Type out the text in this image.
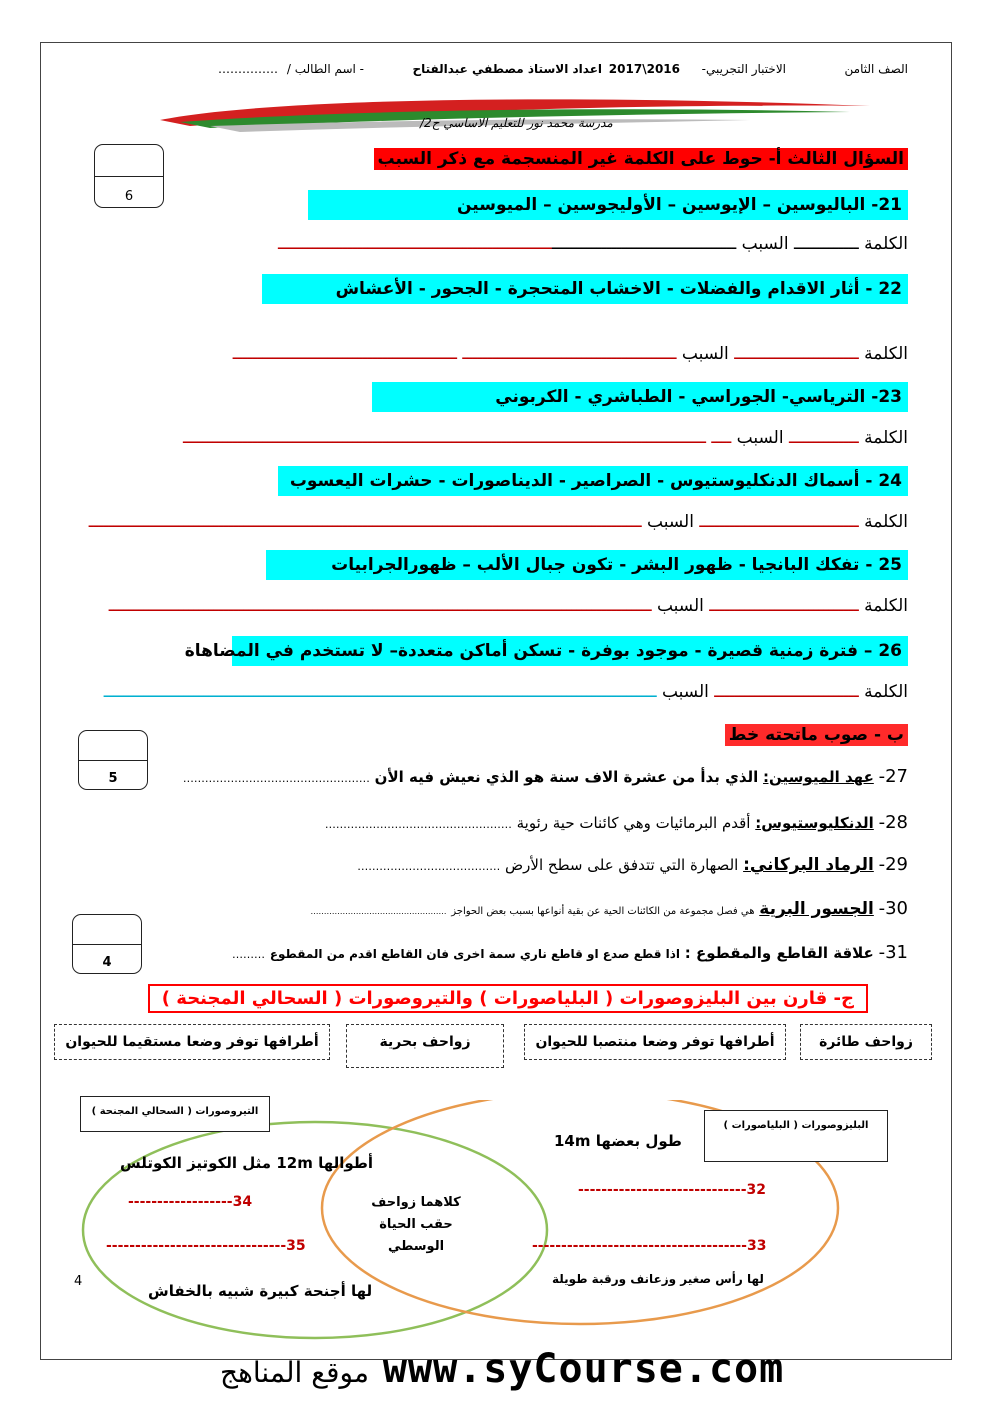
الصف الثامن
الاختبار التجريبي-
2016\2017
اعداد الاستاذ مصطفي عبدالفتاح
- اسم الطالب /
……………
مدرسة محمد نور للتعليم الاساسي ح2/
6
السؤال الثالث أ- حوط على الكلمة غير المنسجمة مع ذكر السبب
21- الباليوسين – الإيوسين – الأوليجوسين – الميوسين
الكلمة ـــــــــــــ السبب ــــــــــــــــــــــــــــــــــــــــــــــــــــــــــــــــــــــــــــــــــــــــــــ
22 - أثار الاقدام والفضلات - الاخشاب المتحجرة - الجحور - الأعشاش
الكلمة ـــــــــــــــــــــــــ السبب ـــــــــــــــــــــــــــــــــــــــــــ ـــــــــــــــــــــــــــــــــــــــــــــ
23- الترياسي- الجوراسي - الطباشري - الكربوني
الكلمة ــــــــــــــ السبب ــــ ـــــــــــــــــــــــــــــــــــــــــــــــــــــــــــــــــــــــــــــــــــــــــــــــــــــــــ
24 - أسماك الدنكليوستيوس - الصراصير - الديناصورات - حشرات اليعسوب
الكلمة ــــــــــــــــــــــــــــــــ السبب ـــــــــــــــــــــــــــــــــــــــــــــــــــــــــــــــــــــــــــــــــــــــــــــــــــــــــــــــ
25 - تفكك البانجيا - ظهور البشر - تكون جبال الألب – ظهورالجرابيات
الكلمة ــــــــــــــــــــــــــــــ السبب ـــــــــــــــــــــــــــــــــــــــــــــــــــــــــــــــــــــــــــــــــــــــــــــــــــــــــــــ
26 – فترة زمنية قصيرة - موجود بوفرة - تسكن أماكن متعددة– لا تستخدم في المضاهاة
الكلمة ـــــــــــــــــــــــــــــ السبب ـــــــــــــــــــــــــــــــــــــــــــــــــــــــــــــــــــــــــــــــــــــــــــــــــــــــــــــــ
5
ب - صوب ماتحته خط
27- عهد الميوسين: الذي بدأ من عشرة الاف سنة هو الذي نعيش فيه الأن ……………………………………………
28- الدنكليوستيوس: أقدم البرمائيات وهي كائنات حية رئوية ……………………………………………
29- الرماد البركاني: الصهارة التي تتدفق على سطح الأرض …………………………………
30- الجسور البرية هي فصل مجموعة من الكائنات الحية عن بقية أنواعها بسبب بعض الحواجز ……………………………………………
4	31- علاقة القاطع والمقطوع : اذا قطع صدع او قاطع ناري سمة اخرى فان القاطع اقدم من المقطوع ………
ج- قارن بين البليزوصورات ( البلياصورات ) والتيروصورات ( السحالي المجنحة )
زواحف طائرة
أطرافها توفر وضعا منتصبا للحيوان
زواحف بحرية
أطرافها توفر وضعا مستقيما للحيوان
التيروصورات ( السحالي المجنحة )
البليزوصورات ( البلياصورات )
طول بعضها 14m
أطوالها 12m مثل الكوتيز الكوتلس
-----------------------------32
كلاهما زواحف حقب الحياة الوسطي
------------------34
-------------------------------------33
-------------------------------35
لها رأس صغير وزعانف ورقبة طويلة
لها أجنحة كبيرة شبيه بالخفاش
4
موقع المناهج www.syCourse.com
